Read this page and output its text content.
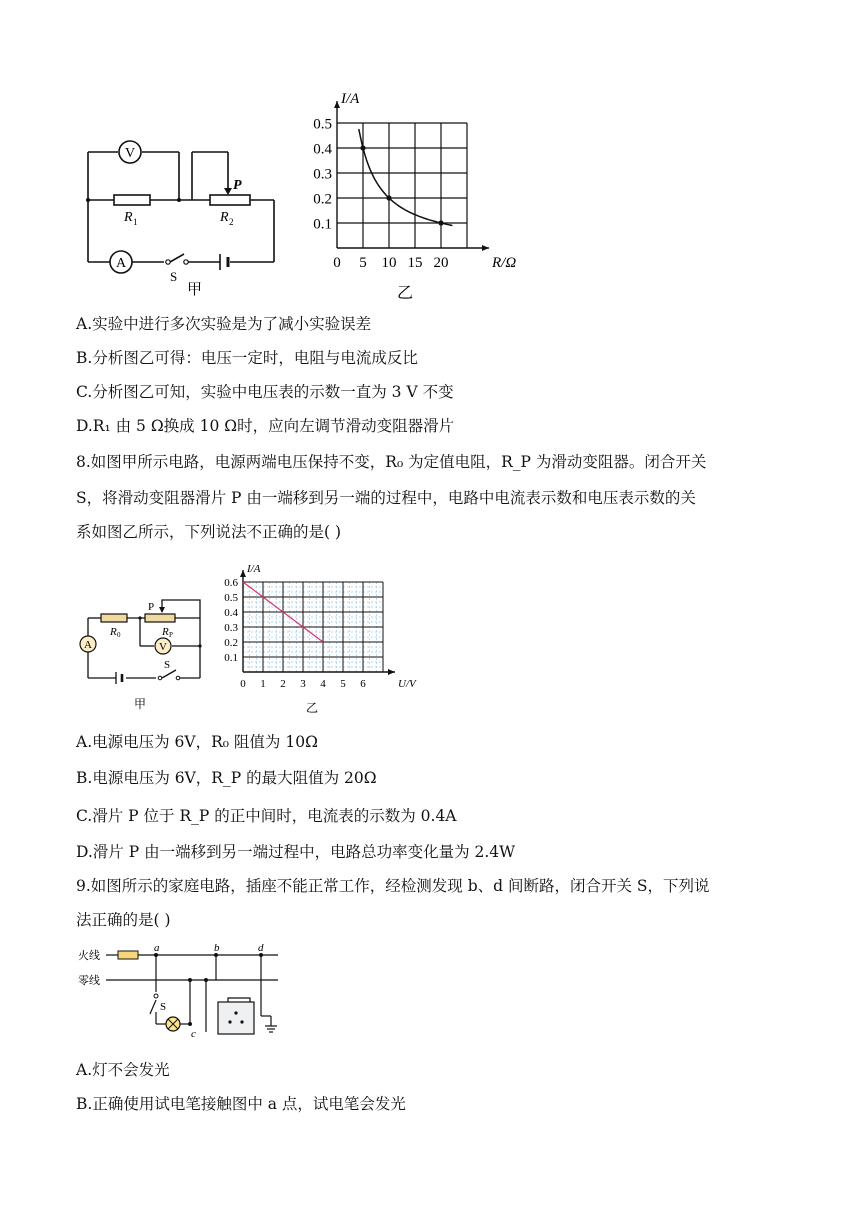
V
A
R 1	R 2
P
S
甲	乙
0 5 10 15 20
0.1
0.2
0.3
0.4
0.5
I/A
R/Ω
A.实验中进行多次实验是为了减小实验误差
B.分析图乙可得：电压一定时，电阻与电流成反比
C.分析图乙可知，实验中电压表的示数一直为 3 V 不变
D.R₁ 由 5 Ω换成 10 Ω时，应向左调节滑动变阻器滑片
8.如图甲所示电路，电源两端电压保持不变，R₀ 为定值电阻，R_P 为滑动变阻器。闭合开关
S，将滑动变阻器滑片 P 由一端移到另一端的过程中，电路中电流表示数和电压表示数的关
系如图乙所示，下列说法不正确的是( )
A	V
R 0	R P
P
S
甲	乙
0 1 2 3 4 5 6
0.1
0.2
0.3
0.4
0.5
0.6
I/A
U/V
A.电源电压为 6V，R₀ 阻值为 10Ω
B.电源电压为 6V，R_P 的最大阻值为 20Ω
C.滑片 P 位于 R_P 的正中间时，电流表的示数为 0.4A
D.滑片 P 由一端移到另一端过程中，电路总功率变化量为 2.4W
9.如图所示的家庭电路，插座不能正常工作，经检测发现 b、d 间断路，闭合开关 S，下列说
法正确的是( )
火线
零线
a	b	d
c
S
A.灯不会发光
B.正确使用试电笔接触图中 a 点，试电笔会发光
